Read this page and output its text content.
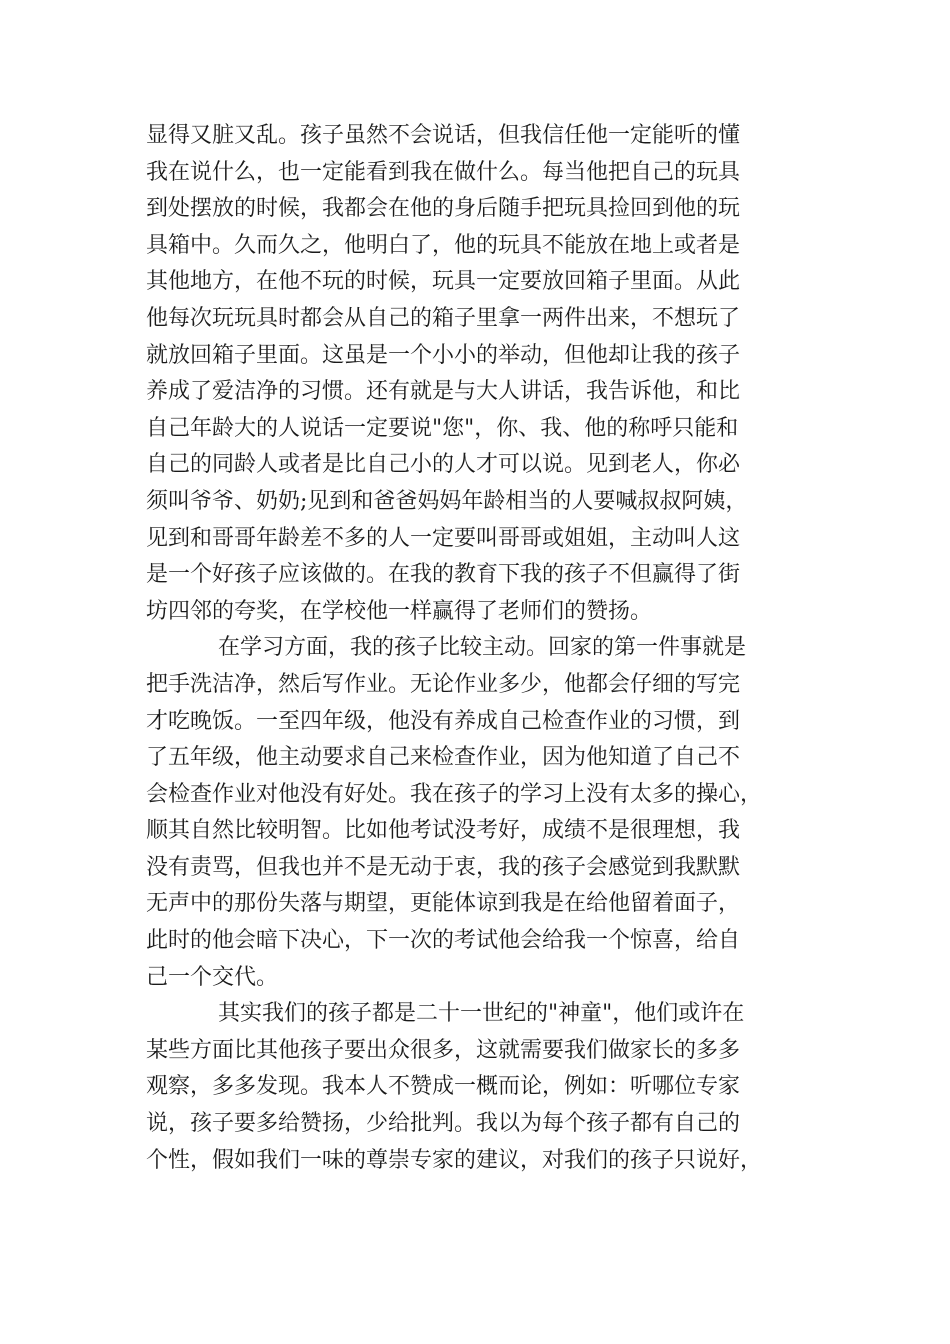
显得又脏又乱。孩子虽然不会说话，但我信任他一定能听的懂
我在说什么，也一定能看到我在做什么。每当他把自己的玩具
到处摆放的时候，我都会在他的身后随手把玩具捡回到他的玩
具箱中。久而久之，他明白了，他的玩具不能放在地上或者是
其他地方，在他不玩的时候，玩具一定要放回箱子里面。从此
他每次玩玩具时都会从自己的箱子里拿一两件出来，不想玩了
就放回箱子里面。这虽是一个小小的举动，但他却让我的孩子
养成了爱洁净的习惯。还有就是与大人讲话，我告诉他，和比
自己年龄大的人说话一定要说"您"，你、我、他的称呼只能和
自己的同龄人或者是比自己小的人才可以说。见到老人，你必
须叫爷爷、奶奶;见到和爸爸妈妈年龄相当的人要喊叔叔阿姨，
见到和哥哥年龄差不多的人一定要叫哥哥或姐姐，主动叫人这
是一个好孩子应该做的。在我的教育下我的孩子不但赢得了街
坊四邻的夸奖，在学校他一样赢得了老师们的赞扬。
在学习方面，我的孩子比较主动。回家的第一件事就是
把手洗洁净，然后写作业。无论作业多少，他都会仔细的写完
才吃晚饭。一至四年级，他没有养成自己检查作业的习惯，到
了五年级，他主动要求自己来检查作业，因为他知道了自己不
会检查作业对他没有好处。我在孩子的学习上没有太多的操心，
顺其自然比较明智。比如他考试没考好，成绩不是很理想，我
没有责骂，但我也并不是无动于衷，我的孩子会感觉到我默默
无声中的那份失落与期望，更能体谅到我是在给他留着面子，
此时的他会暗下决心，下一次的考试他会给我一个惊喜，给自
己一个交代。
其实我们的孩子都是二十一世纪的"神童"，他们或许在
某些方面比其他孩子要出众很多，这就需要我们做家长的多多
观察，多多发现。我本人不赞成一概而论，例如：听哪位专家
说，孩子要多给赞扬，少给批判。我以为每个孩子都有自己的
个性，假如我们一味的尊崇专家的建议，对我们的孩子只说好，
